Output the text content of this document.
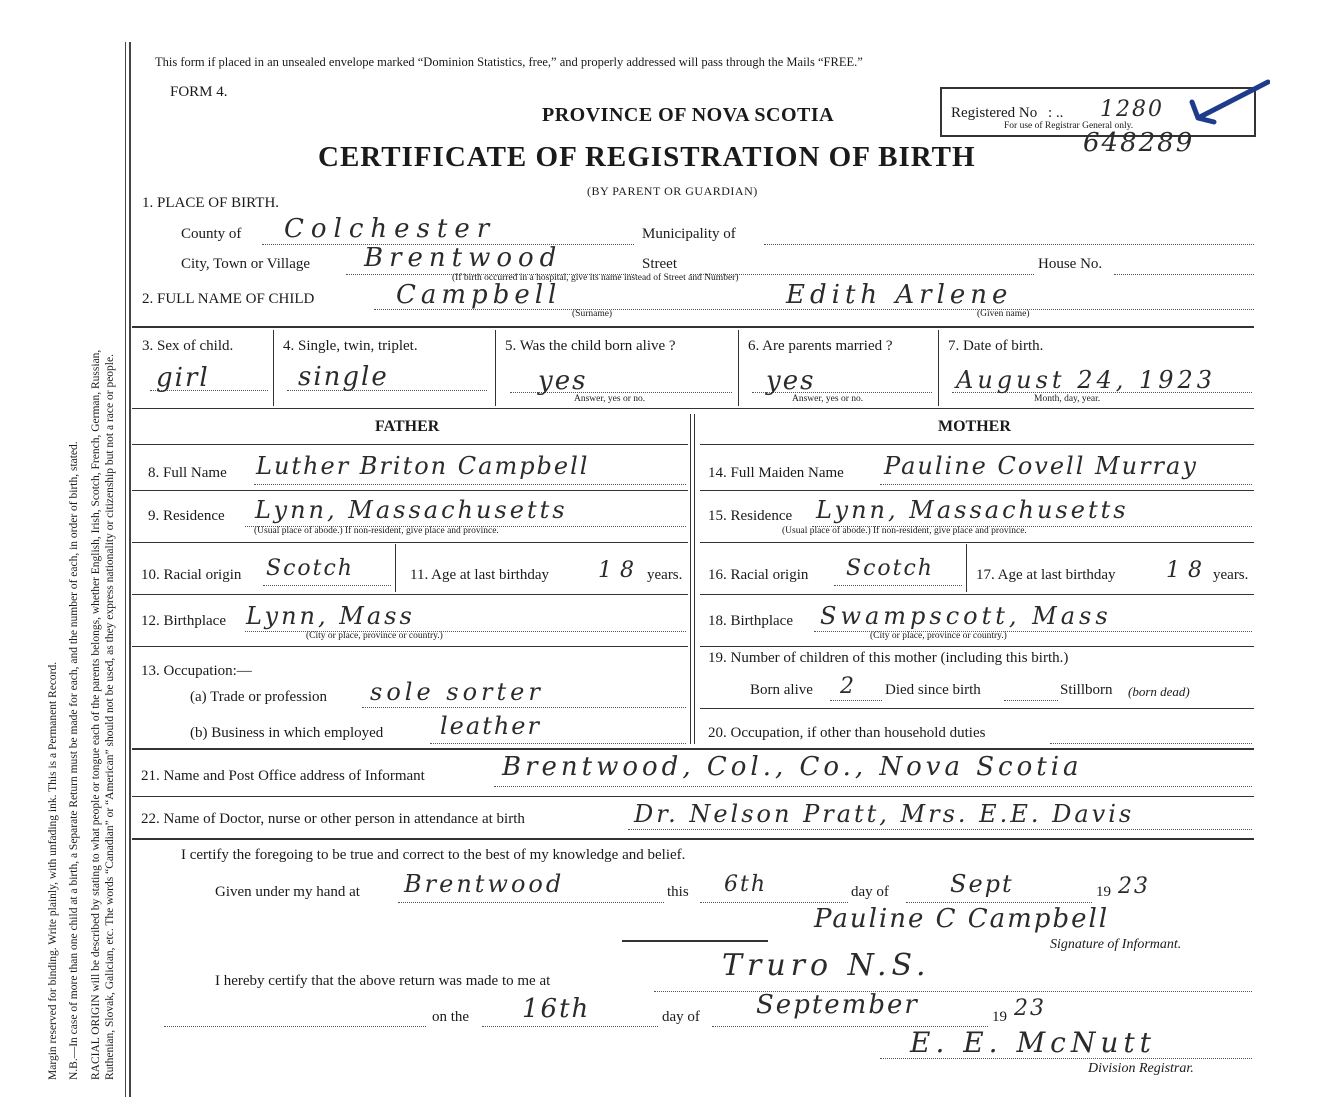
Margin reserved for binding. Write plainly, with unfading ink. This is a Permanent Record. N.B.—In case of more than one child at a birth, a Separate Return must be made for each, and the number of each, in order of birth, stated. RACIAL ORIGIN will be described by stating to what people or tongue each of the parents belongs, whether English, Irish, Scotch, French, German, Russian, Ruthenian, Slovak, Galician, etc. The words “Canadian” or “American” should not be used, as they express nationality or citizenship but not a race or people.
This form if placed in an unsealed envelope marked “Dominion Statistics, free,” and properly addressed will pass through the Mails “FREE.”
FORM 4.
PROVINCE OF NOVA SCOTIA
CERTIFICATE OF REGISTRATION OF BIRTH
(BY PARENT OR GUARDIAN)
Registered No : .. 1280
For use of Registrar General only.
648289
1. PLACE OF BIRTH.
County of Colchester	Municipality of
City, Town or Village Brentwood	Street	House No.
(If birth occurred in a hospital, give its name instead of Street and Number)
2. FULL NAME OF CHILD	Campbell
(Surname)
Edith Arlene
(Given name)
3. Sex of child.
girl
4. Single, twin, triplet.
single
5. Was the child born alive ?
yes
Answer, yes or no.
6. Are parents married ?
yes
Answer, yes or no.
7. Date of birth.
August 24, 1923
Month, day, year.
FATHER	MOTHER
8. Full Name Luther Briton Campbell
9. Residence Lynn, Massachusetts
(Usual place of abode.) If non-resident, give place and province.
10. Racial origin Scotch	11. Age at last birthday 18 years.
12. Birthplace Lynn, Mass
(City or place, province or country.)
13. Occupation:—
(a) Trade or profession sole sorter
(b) Business in which employed leather
14. Full Maiden Name Pauline Covell Murray
15. Residence Lynn, Massachusetts
(Usual place of abode.) If non-resident, give place and province.
16. Racial origin Scotch	17. Age at last birthday 18 years.
18. Birthplace Swampscott, Mass
(City or place, province or country.)
19. Number of children of this mother (including this birth.)
Born alive 2 Died since birth	Stillborn (born dead)
20. Occupation, if other than household duties
21. Name and Post Office address of Informant	Brentwood, Col., Co., Nova Scotia
22. Name of Doctor, nurse or other person in attendance at birth	Dr. Nelson Pratt, Mrs. E.E. Davis
I certify the foregoing to be true and correct to the best of my knowledge and belief.
Given under my hand at Brentwood	this 6th	day of	Sept	19 23
Pauline C Campbell
Signature of Informant.
I hereby certify that the above return was made to me at	Truro N.S.
on the 16th	day of September	19 23
E. E. McNutt
Division Registrar.
